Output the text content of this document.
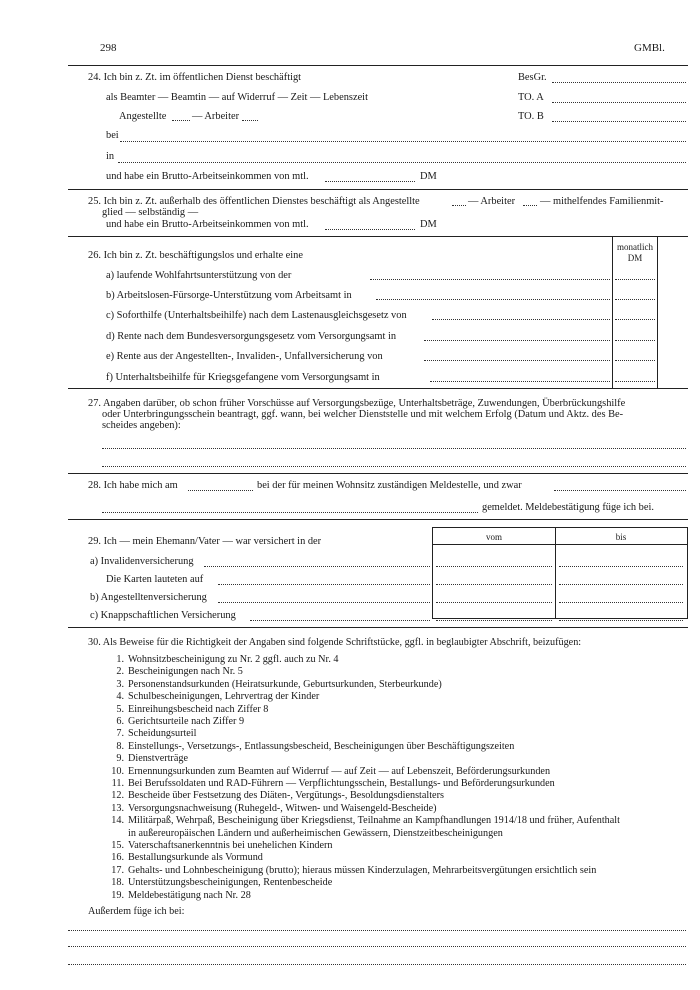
298	GMBl.
24. Ich bin z. Zt. im öffentlichen Dienst beschäftigt
als Beamter — Beamtin — auf Widerruf — Zeit — Lebenszeit
Angestellte — Arbeiter
BesGr.
TO. A
TO. B
bei
in
und habe ein Brutto-Arbeitseinkommen von mtl.	DM
25. Ich bin z. Zt. außerhalb des öffentlichen Dienstes beschäftigt als Angestellte	— Arbeiter — mithelfendes Familienmit-
glied — selbständig —
und habe ein Brutto-Arbeitseinkommen von mtl.	DM
monatlich
DM
26. Ich bin z. Zt. beschäftigungslos und erhalte eine
a) laufende Wohlfahrtsunterstützung von der
b) Arbeitslosen-Fürsorge-Unterstützung vom Arbeitsamt in
c) Soforthilfe (Unterhaltsbeihilfe) nach dem Lastenausgleichsgesetz von
d) Rente nach dem Bundesversorgungsgesetz vom Versorgungsamt in
e) Rente aus der Angestellten-, Invaliden-, Unfallversicherung von
f) Unterhaltsbeihilfe für Kriegsgefangene vom Versorgungsamt in
27. Angaben darüber, ob schon früher Vorschüsse auf Versorgungsbezüge, Unterhaltsbeträge, Zuwendungen, Überbrückungshilfe
oder Unterbringungsschein beantragt, ggf. wann, bei welcher Dienststelle und mit welchem Erfolg (Datum und Aktz. des Be-
scheides angeben):
28. Ich habe mich am	bei der für meinen Wohnsitz zuständigen Meldestelle, und zwar
gemeldet. Meldebestätigung füge ich bei.
vom	bis
29. Ich — mein Ehemann/Vater — war versichert in der
a) Invalidenversicherung
Die Karten lauteten auf
b) Angestelltenversicherung
c) Knappschaftlichen Versicherung
30. Als Beweise für die Richtigkeit der Angaben sind folgende Schriftstücke, ggfl. in beglaubigter Abschrift, beizufügen:
1. Wohnsitzbescheinigung zu Nr. 2 ggfl. auch zu Nr. 4
2. Bescheinigungen nach Nr. 5
3. Personenstandsurkunden (Heiratsurkunde, Geburtsurkunden, Sterbeurkunde)
4. Schulbescheinigungen, Lehrvertrag der Kinder
5. Einreihungsbescheid nach Ziffer 8
6. Gerichtsurteile nach Ziffer 9
7. Scheidungsurteil
8. Einstellungs-, Versetzungs-, Entlassungsbescheid, Bescheinigungen über Beschäftigungszeiten
9. Dienstverträge
10. Ernennungsurkunden zum Beamten auf Widerruf — auf Zeit — auf Lebenszeit, Beförderungsurkunden
11. Bei Berufssoldaten und RAD-Führern — Verpflichtungsschein, Bestallungs- und Beförderungsurkunden
12. Bescheide über Festsetzung des Diäten-, Vergütungs-, Besoldungsdienstalters
13. Versorgungsnachweisung (Ruhegeld-, Witwen- und Waisengeld-Bescheide)
14. Militärpaß, Wehrpaß, Bescheinigung über Kriegsdienst, Teilnahme an Kampfhandlungen 1914/18 und früher, Aufenthalt
in außereuropäischen Ländern und außerheimischen Gewässern, Dienstzeitbescheinigungen
15. Vaterschaftsanerkenntnis bei unehelichen Kindern
16. Bestallungsurkunde als Vormund
17. Gehalts- und Lohnbescheinigung (brutto); hieraus müssen Kinderzulagen, Mehrarbeitsvergütungen ersichtlich sein
18. Unterstützungsbescheinigungen, Rentenbescheide
19. Meldebestätigung nach Nr. 28
Außerdem füge ich bei:
